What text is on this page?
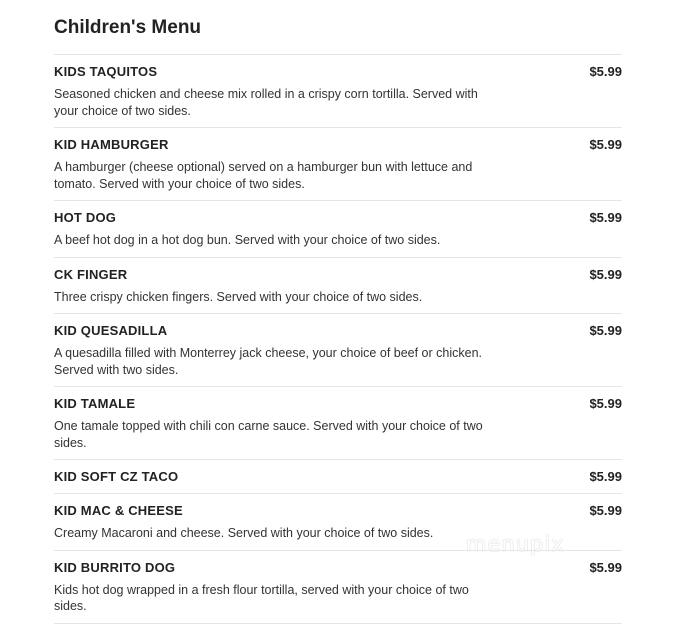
Children's Menu
KIDS TAQUITOS	$5.99
Seasoned chicken and cheese mix rolled in a crispy corn tortilla. Served with your choice of two sides.
KID HAMBURGER	$5.99
A hamburger (cheese optional) served on a hamburger bun with lettuce and tomato. Served with your choice of two sides.
HOT DOG	$5.99
A beef hot dog in a hot dog bun. Served with your choice of two sides.
CK FINGER	$5.99
Three crispy chicken fingers. Served with your choice of two sides.
KID QUESADILLA	$5.99
A quesadilla filled with Monterrey jack cheese, your choice of beef or chicken. Served with two sides.
KID TAMALE	$5.99
One tamale topped with chili con carne sauce. Served with your choice of two sides.
KID SOFT CZ TACO	$5.99
KID MAC & CHEESE	$5.99
Creamy Macaroni and cheese. Served with your choice of two sides.
KID BURRITO DOG	$5.99
Kids hot dog wrapped in a fresh flour tortilla, served with your choice of two sides.
menupix
